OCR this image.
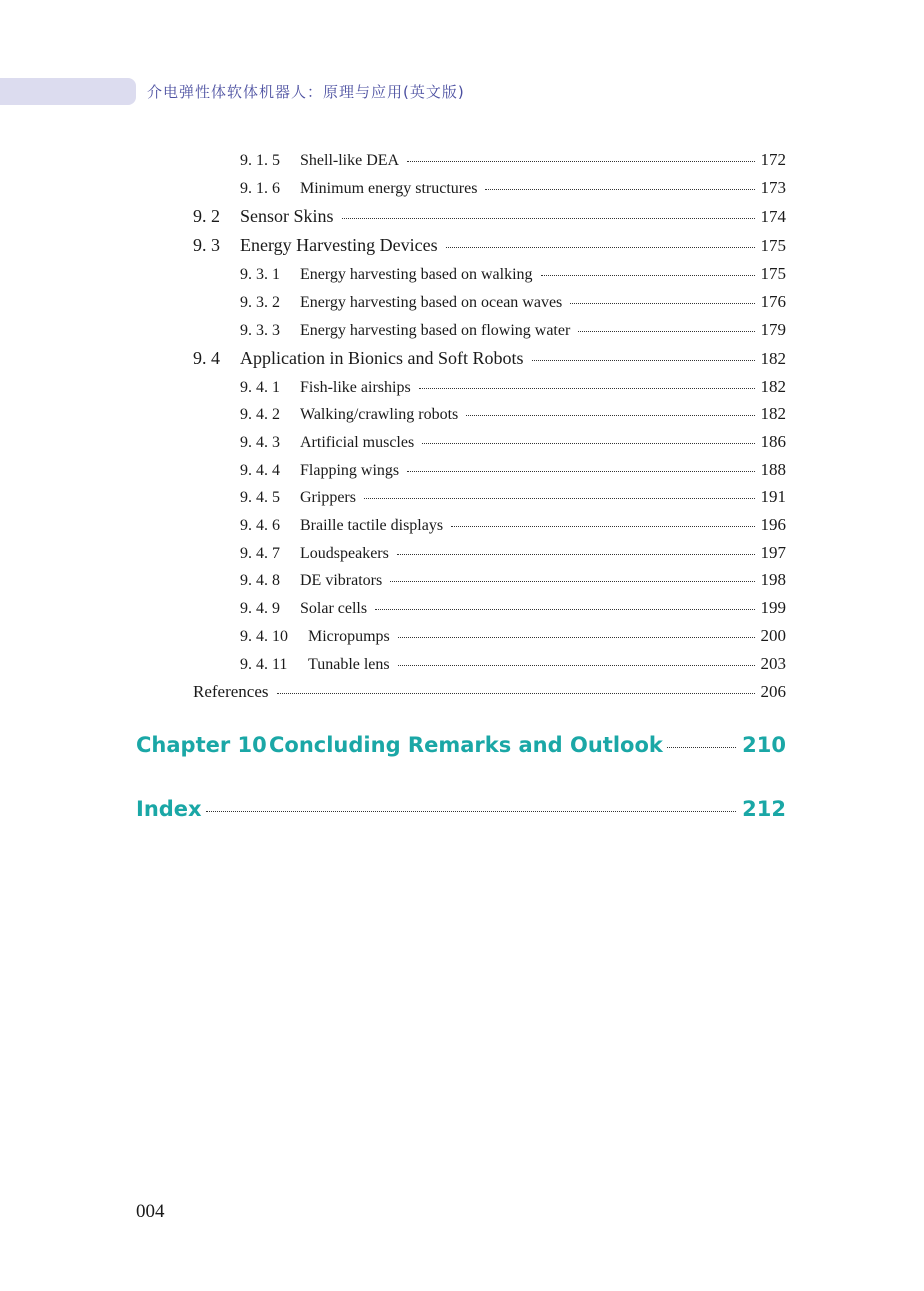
介电弹性体软体机器人：原理与应用(英文版)
9. 1. 5	Shell-like DEA	172
9. 1. 6	Minimum energy structures	173
9. 2	Sensor Skins	174
9. 3	Energy Harvesting Devices	175
9. 3. 1	Energy harvesting based on walking	175
9. 3. 2	Energy harvesting based on ocean waves	176
9. 3. 3	Energy harvesting based on flowing water	179
9. 4	Application in Bionics and Soft Robots	182
9. 4. 1	Fish-like airships	182
9. 4. 2	Walking/crawling robots	182
9. 4. 3	Artificial muscles	186
9. 4. 4	Flapping wings	188
9. 4. 5	Grippers	191
9. 4. 6	Braille tactile displays	196
9. 4. 7	Loudspeakers	197
9. 4. 8	DE vibrators	198
9. 4. 9	Solar cells	199
9. 4. 10	Micropumps	200
9. 4. 11	Tunable lens	203
References	206
Chapter 10 Concluding Remarks and Outlook	210
Index	212
004
